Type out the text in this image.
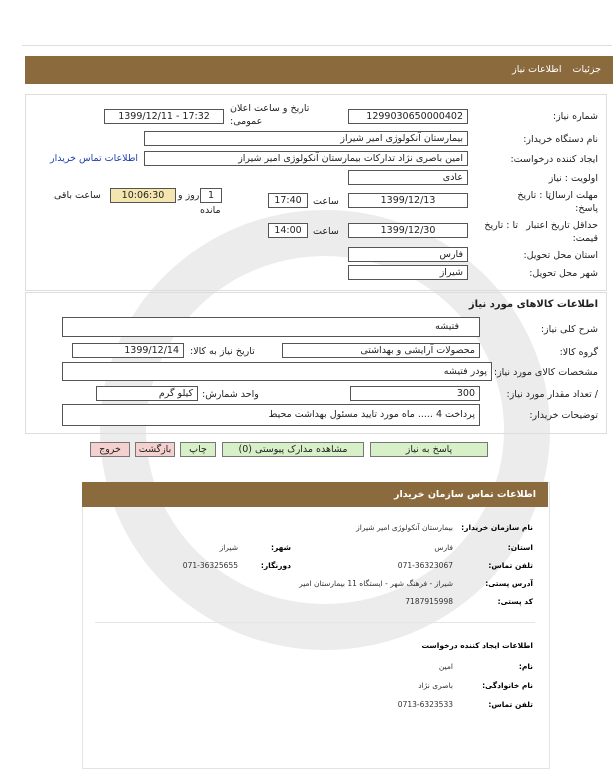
جزئیات اطلاعات نیاز
شماره نیاز:
1299030650000402
تاریخ و ساعت اعلان
عمومی:
1399/12/11 - 17:32
نام دستگاه خریدار:
بیمارستان آنکولوژی امیر شیراز
ایجاد کننده درخواست:
امین باصری نژاد تدارکات بیمارستان آنکولوژی امیر شیراز
اطلاعات تماس خریدار
اولویت : نیاز
عادی
مهلت ارسال
پاسخ:
تا : تاریخ
1399/12/13
ساعت
17:40
1
روز و
10:06:30
ساعت باقی
مانده
حداقل تاریخ اعتبار
قیمت:
تا : تاریخ
1399/12/30
ساعت
14:00
استان محل تحویل:
فارس
شهر محل تحویل:
شیراز
اطلاعات کالاهای مورد نیاز
شرح کلی نیاز:
فتیشه
گروه کالا:
محصولات آرایشی و بهداشتی
تاریخ نیاز به کالا:
1399/12/14
مشخصات کالای مورد نیاز:
پودر فتیشه
/ تعداد مقدار مورد نیاز:
300
واحد شمارش:
کیلو گرم
توضیحات خریدار:
پرداخت 4 ..... ماه مورد تایید مسئول بهداشت محیط
پاسخ به نیاز
مشاهده مدارک پیوستی (0)
چاپ
بازگشت
خروج
اطلاعات تماس سازمان خریدار
نام سازمان خریدار:
بیمارستان آنکولوژی امیر شیراز
استان:
فارس
شهر:
شیراز
تلفن تماس:
071-36323067
دورنگار:
071-36325655
آدرس پستی:
شیراز - فرهنگ شهر - ایستگاه 11 بیمارستان امیر
کد پستی:
7187915998
اطلاعات ایجاد کننده درخواست
نام:
امین
نام خانوادگی:
باصری نژاد
تلفن تماس:
0713-6323533
